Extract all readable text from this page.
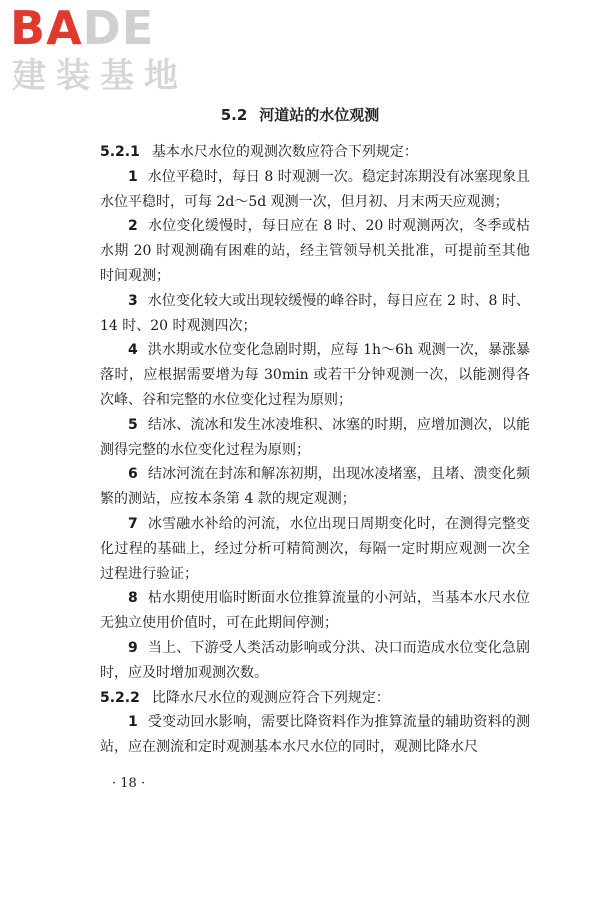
BADE
建装基地
5.2 河道站的水位观测

5.2.1 基本水尺水位的观测次数应符合下列规定：

1 水位平稳时，每日 8 时观测一次。稳定封冻期没有冰塞现象且水位平稳时，可每 2d～5d 观测一次，但月初、月末两天应观测；

2 水位变化缓慢时，每日应在 8 时、20 时观测两次，冬季或枯水期 20 时观测确有困难的站，经主管领导机关批准，可提前至其他时间观测；

3 水位变化较大或出现较缓慢的峰谷时，每日应在 2 时、8 时、14 时、20 时观测四次；

4 洪水期或水位变化急剧时期，应每 1h～6h 观测一次，暴涨暴落时，应根据需要增为每 30min 或若干分钟观测一次，以能测得各次峰、谷和完整的水位变化过程为原则；

5 结冰、流冰和发生冰凌堆积、冰塞的时期，应增加测次，以能测得完整的水位变化过程为原则；

6 结冰河流在封冻和解冻初期，出现冰凌堵塞，且堵、溃变化频繁的测站，应按本条第 4 款的规定观测；

7 冰雪融水补给的河流，水位出现日周期变化时，在测得完整变化过程的基础上，经过分析可精简测次，每隔一定时期应观测一次全过程进行验证；

8 枯水期使用临时断面水位推算流量的小河站，当基本水尺水位无独立使用价值时，可在此期间停测；

9 当上、下游受人类活动影响或分洪、决口而造成水位变化急剧时，应及时增加观测次数。

5.2.2 比降水尺水位的观测应符合下列规定：

1 受变动回水影响，需要比降资料作为推算流量的辅助资料的测站，应在测流和定时观测基本水尺水位的同时，观测比降水尺

· 18 ·
